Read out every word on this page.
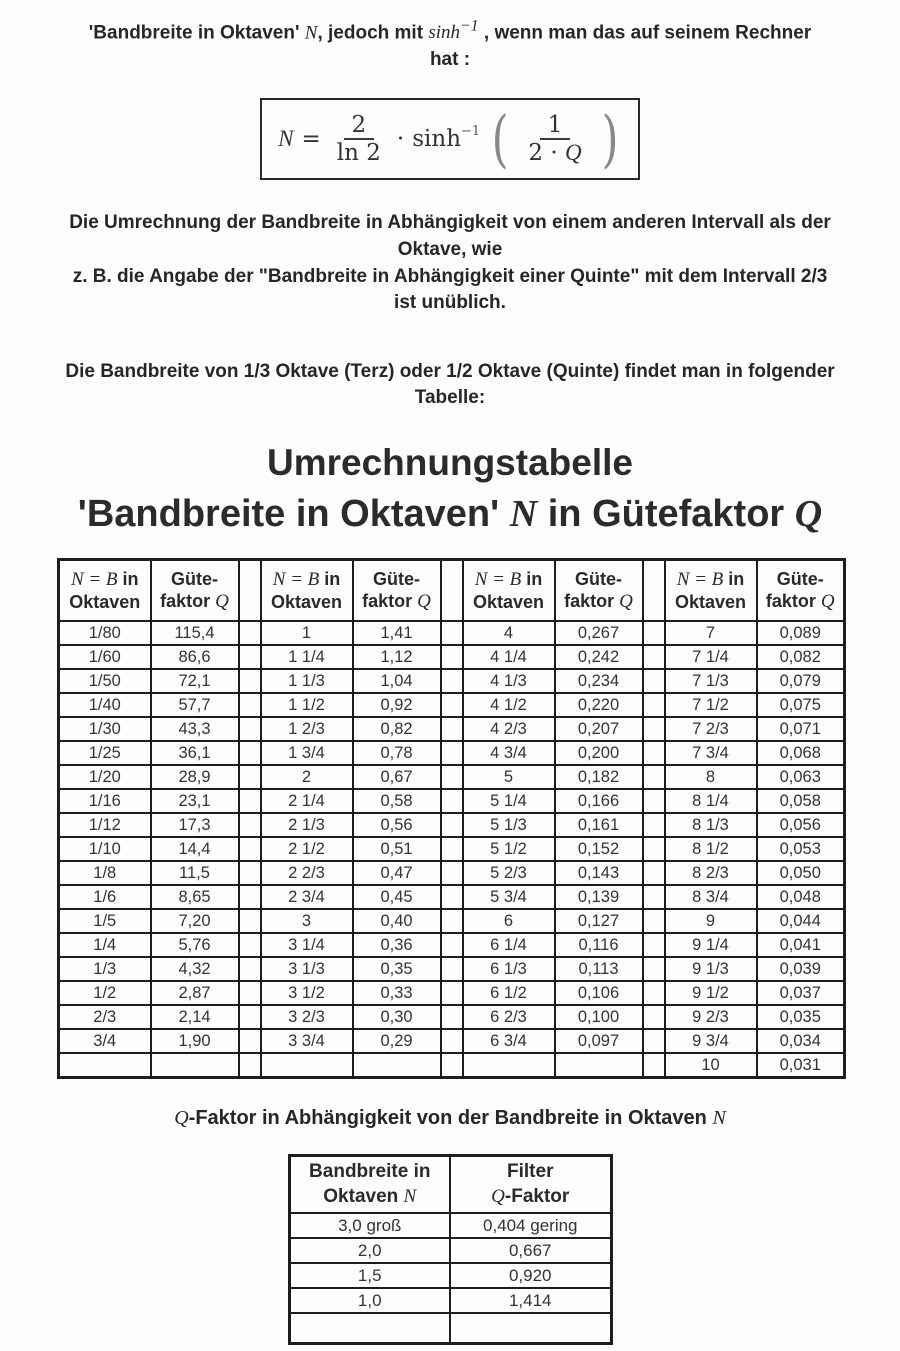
'Bandbreite in Oktaven' N, jedoch mit $\sinh^{-1}$ , wenn man das auf seinem Rechner
hat :
$N = \frac{2}{\ln 2} \cdot \sinh^{-1}$ ( $\frac{1}{2 \cdot Q}$ )
Die Umrechnung der Bandbreite in Abhängigkeit von einem anderen Intervall als der
Oktave, wie
z. B. die Angabe der "Bandbreite in Abhängigkeit einer Quinte" mit dem Intervall 2/3
ist unüblich.
Die Bandbreite von 1/3 Oktave (Terz) oder 1/2 Oktave (Quinte) findet man in folgender
Tabelle:
Umrechnungstabelle
'Bandbreite in Oktaven' N in Gütefaktor Q
N = B in
Oktaven	Güte-
faktor Q		N = B in
Oktaven	Güte-
faktor Q		N = B in
Oktaven	Güte-
faktor Q		N = B in
Oktaven	Güte-
faktor Q
1/80	115,4		1	1,41		4	0,267		7	0,089
1/60	86,6		1 1/4	1,12		4 1/4	0,242		7 1/4	0,082
1/50	72,1		1 1/3	1,04		4 1/3	0,234		7 1/3	0,079
1/40	57,7		1 1/2	0,92		4 1/2	0,220		7 1/2	0,075
1/30	43,3		1 2/3	0,82		4 2/3	0,207		7 2/3	0,071
1/25	36,1		1 3/4	0,78		4 3/4	0,200		7 3/4	0,068
1/20	28,9		2	0,67		5	0,182		8	0,063
1/16	23,1		2 1/4	0,58		5 1/4	0,166		8 1/4	0,058
1/12	17,3		2 1/3	0,56		5 1/3	0,161		8 1/3	0,056
1/10	14,4		2 1/2	0,51		5 1/2	0,152		8 1/2	0,053
1/8	11,5		2 2/3	0,47		5 2/3	0,143		8 2/3	0,050
1/6	8,65		2 3/4	0,45		5 3/4	0,139		8 3/4	0,048
1/5	7,20		3	0,40		6	0,127		9	0,044
1/4	5,76		3 1/4	0,36		6 1/4	0,116		9 1/4	0,041
1/3	4,32		3 1/3	0,35		6 1/3	0,113		9 1/3	0,039
1/2	2,87		3 1/2	0,33		6 1/2	0,106		9 1/2	0,037
2/3	2,14		3 2/3	0,30		6 2/3	0,100		9 2/3	0,035
3/4	1,90		3 3/4	0,29		6 3/4	0,097		9 3/4	0,034
									10	0,031
Q-Faktor in Abhängigkeit von der Bandbreite in Oktaven N
Bandbreite in
Oktaven N	Filter
Q-Faktor
3,0 groß	0,404 gering
2,0	0,667
1,5	0,920
1,0	1,414
